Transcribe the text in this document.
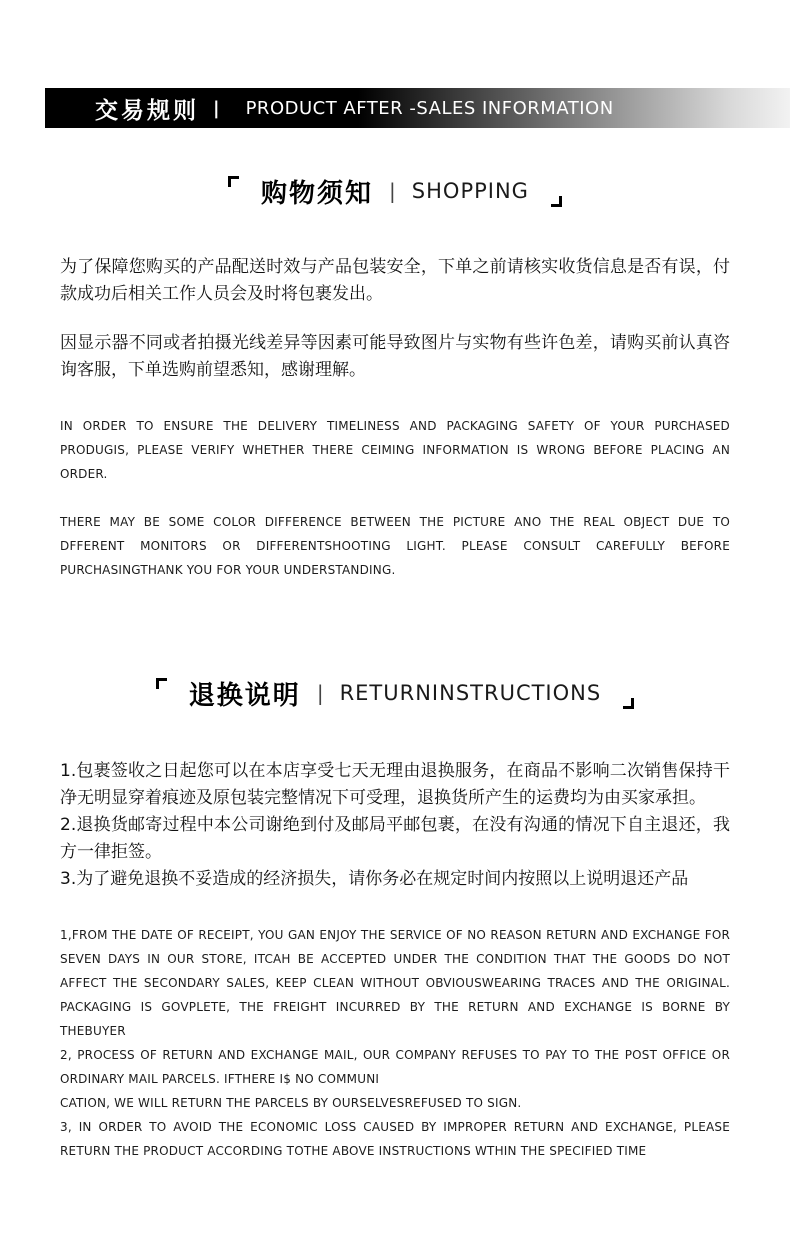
交易规则 | PRODUCT AFTER -SALES INFORMATION
购物须知 | SHOPPING

为了保障您购买的产品配送时效与产品包装安全，下单之前请核实收货信息是否有误，付款成功后相关工作人员会及时将包裹发出。

因显示器不同或者拍摄光线差异等因素可能导致图片与实物有些许色差，请购买前认真咨询客服，下单选购前望悉知，感谢理解。

IN ORDER TO ENSURE THE DELIVERY TIMELINESS AND PACKAGING SAFETY OF YOUR PURCHASED PRODUGIS, PLEASE VERIFY WHETHER THERE CEIMING INFORMATION IS WRONG BEFORE PLACING AN ORDER.

THERE MAY BE SOME COLOR DIFFERENCE BETWEEN THE PICTURE ANO THE REAL OBJECT DUE TO DFFERENT MONITORS OR DIFFERENTSHOOTING LIGHT. PLEASE CONSULT CAREFULLY BEFORE PURCHASINGTHANK YOU FOR YOUR UNDERSTANDING.

退换说明 | RETURNINSTRUCTIONS

1.包裹签收之日起您可以在本店享受七天无理由退换服务，在商品不影响二次销售保持干净无明显穿着痕迹及原包装完整情况下可受理，退换货所产生的运费均为由买家承担。

2.退换货邮寄过程中本公司谢绝到付及邮局平邮包裹，在没有沟通的情况下自主退还，我方一律拒签。

3.为了避免退换不妥造成的经济损失，请你务必在规定时间内按照以上说明退还产品

1,FROM THE DATE OF RECEIPT, YOU GAN ENJOY THE SERVICE OF NO REASON RETURN AND EXCHANGE FOR SEVEN DAYS IN OUR STORE, ITCAH BE ACCEPTED UNDER THE CONDITION THAT THE GOODS DO NOT AFFECT THE SECONDARY SALES, KEEP CLEAN WITHOUT OBVIOUSWEARING TRACES AND THE ORIGINAL. PACKAGING IS GOVPLETE, THE FREIGHT INCURRED BY THE RETURN AND EXCHANGE IS BORNE BY THEBUYER

2, PROCESS OF RETURN AND EXCHANGE MAIL, OUR COMPANY REFUSES TO PAY TO THE POST OFFICE OR ORDINARY MAIL PARCELS. IFTHERE I$ NO COMMUNI

CATION, WE WILL RETURN THE PARCELS BY OURSELVESREFUSED TO SIGN.

3, IN ORDER TO AVOID THE ECONOMIC LOSS CAUSED BY IMPROPER RETURN AND EXCHANGE, PLEASE RETURN THE PRODUCT ACCORDING TOTHE ABOVE INSTRUCTIONS WTHIN THE SPECIFIED TIME
